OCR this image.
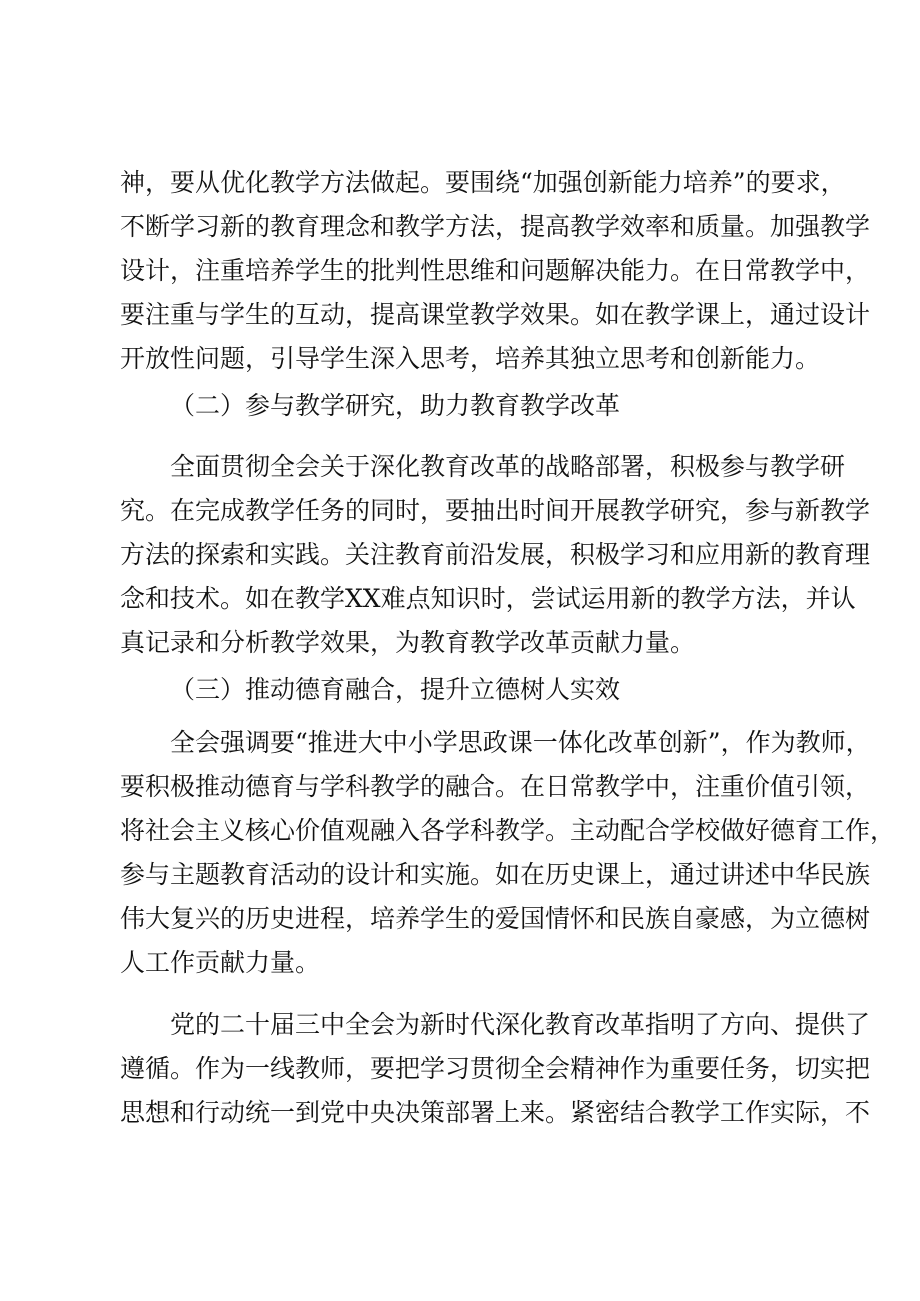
神，要从优化教学方法做起。要围绕“加强创新能力培养”的要求，
不断学习新的教育理念和教学方法，提高教学效率和质量。加强教学
设计，注重培养学生的批判性思维和问题解决能力。在日常教学中，
要注重与学生的互动，提高课堂教学效果。如在教学课上，通过设计
开放性问题，引导学生深入思考，培养其独立思考和创新能力。
（二）参与教学研究，助力教育教学改革
全面贯彻全会关于深化教育改革的战略部署，积极参与教学研
究。在完成教学任务的同时，要抽出时间开展教学研究，参与新教学
方法的探索和实践。关注教育前沿发展，积极学习和应用新的教育理
念和技术。如在教学XX难点知识时，尝试运用新的教学方法，并认
真记录和分析教学效果，为教育教学改革贡献力量。
（三）推动德育融合，提升立德树人实效
全会强调要“推进大中小学思政课一体化改革创新”，作为教师，
要积极推动德育与学科教学的融合。在日常教学中，注重价值引领，
将社会主义核心价值观融入各学科教学。主动配合学校做好德育工作，
参与主题教育活动的设计和实施。如在历史课上，通过讲述中华民族
伟大复兴的历史进程，培养学生的爱国情怀和民族自豪感，为立德树
人工作贡献力量。
党的二十届三中全会为新时代深化教育改革指明了方向、提供了
遵循。作为一线教师，要把学习贯彻全会精神作为重要任务，切实把
思想和行动统一到党中央决策部署上来。紧密结合教学工作实际，不
